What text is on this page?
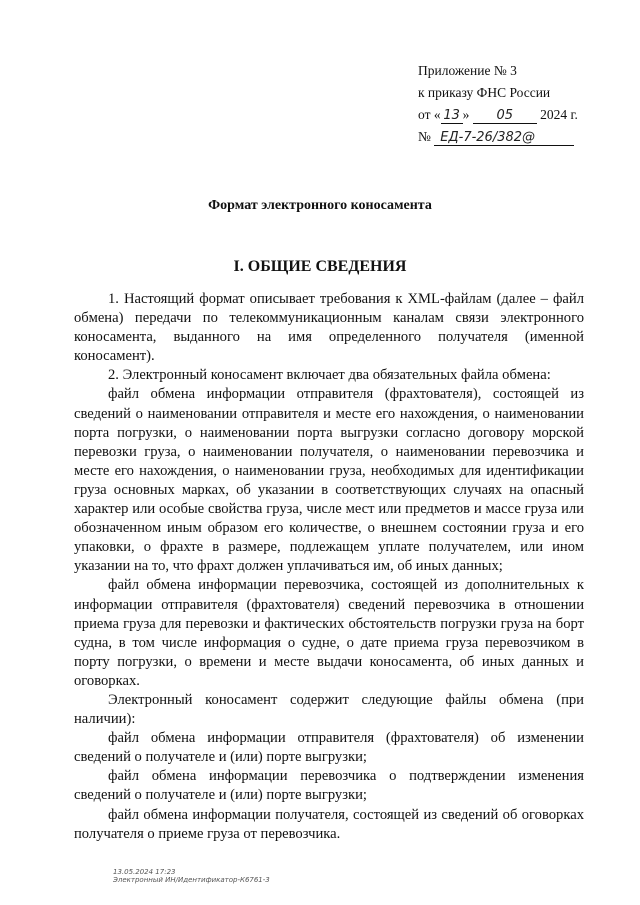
Приложение № 3
к приказу ФНС России
от « 13 » 05 2024 г.
№ ЕД-7-26/382@
Формат электронного коносамента
I. ОБЩИЕ СВЕДЕНИЯ

1. Настоящий формат описывает требования к XML-файлам (далее – файл обмена) передачи по телекоммуникационным каналам связи электронного коносамента, выданного на имя определенного получателя (именной коносамент).

2. Электронный коносамент включает два обязательных файла обмена:

файл обмена информации отправителя (фрахтователя), состоящей из сведений о наименовании отправителя и месте его нахождения, о наименовании порта погрузки, о наименовании порта выгрузки согласно договору морской перевозки груза, о наименовании получателя, о наименовании перевозчика и месте его нахождения, о наименовании груза, необходимых для идентификации груза основных марках, об указании в соответствующих случаях на опасный характер или особые свойства груза, числе мест или предметов и массе груза или обозначенном иным образом его количестве, о внешнем состоянии груза и его упаковки, о фрахте в размере, подлежащем уплате получателем, или ином указании на то, что фрахт должен уплачиваться им, об иных данных;

файл обмена информации перевозчика, состоящей из дополнительных к информации отправителя (фрахтователя) сведений перевозчика в отношении приема груза для перевозки и фактических обстоятельств погрузки груза на борт судна, в том числе информация о судне, о дате приема груза перевозчиком в порту погрузки, о времени и месте выдачи коносамента, об иных данных и оговорках.

Электронный коносамент содержит следующие файлы обмена (при наличии):

файл обмена информации отправителя (фрахтователя) об изменении сведений о получателе и (или) порте выгрузки;

файл обмена информации перевозчика о подтверждении изменения сведений о получателе и (или) порте выгрузки;

файл обмена информации получателя, состоящей из сведений об оговорках получателя о приеме груза от перевозчика.

13.05.2024 17:23
Электронный ИН/Идентификатор-К6761-3
